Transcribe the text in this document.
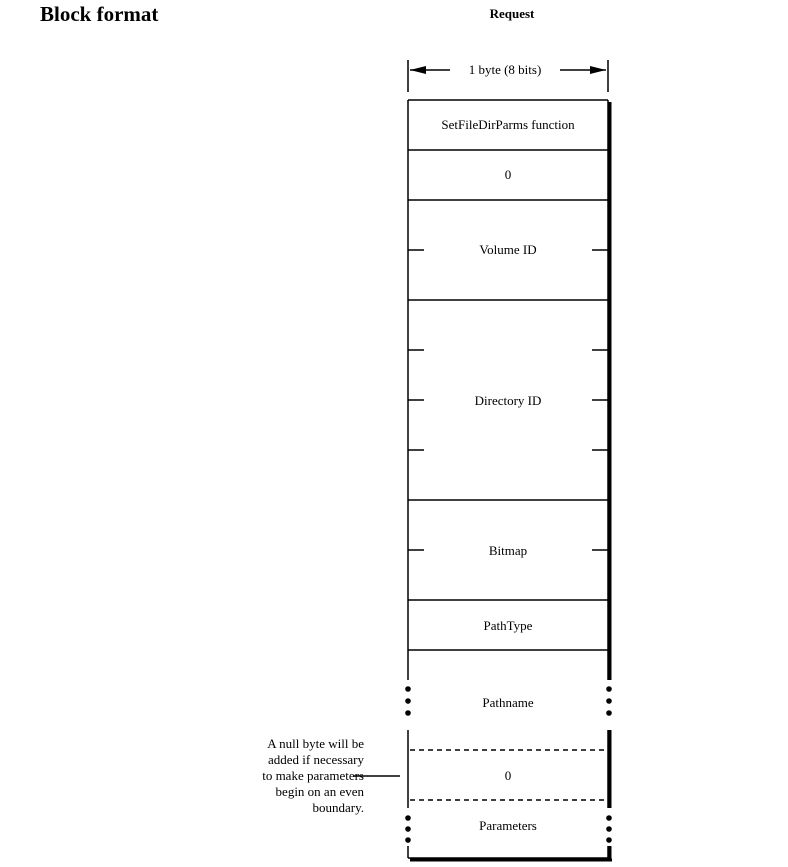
Block format	Request
1 byte (8 bits)
SetFileDirParms function
0
Volume ID
Directory ID
Bitmap
PathType
Pathname
0
Parameters
A null byte will be
added if necessary
to make parameters
begin on an even
boundary.
